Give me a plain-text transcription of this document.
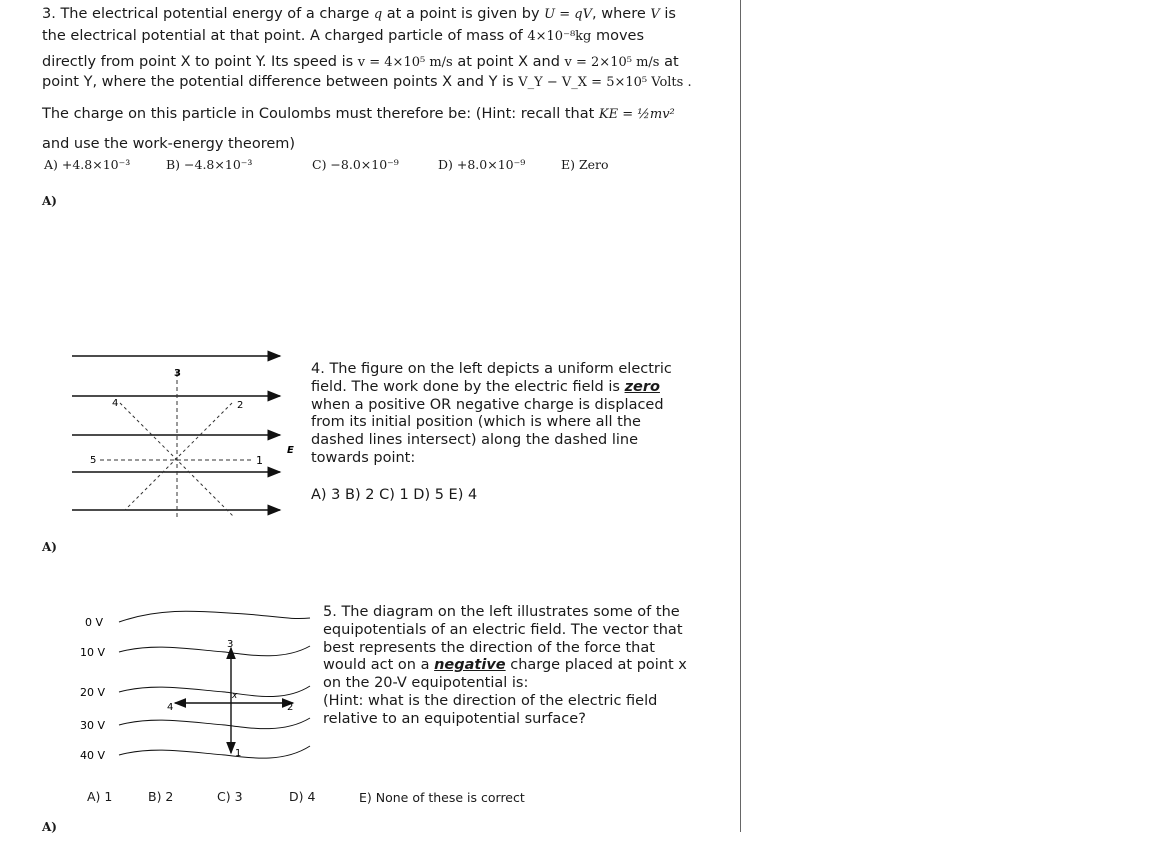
3. The electrical potential energy of a charge q at a point is given by U = qV, where V is
the electrical potential at that point. A charged particle of mass of 4×10⁻⁸kg moves
directly from point X to point Y. Its speed is v = 4×10⁵ m/s at point X and v = 2×10⁵ m/s at
point Y, where the potential difference between points X and Y is V_Y − V_X = 5×10⁵ Volts .
The charge on this particle in Coulombs must therefore be: (Hint: recall that KE = ½mv²
and use the work-energy theorem)
A) +4.8×10⁻³	B) −4.8×10⁻³	C) −8.0×10⁻⁹	D) +8.0×10⁻⁹	E) Zero
A)
1
2
3
4
5
E
4. The figure on the left depicts a uniform electric
field. The work done by the electric field is zero
when a positive OR negative charge is displaced
from its initial position (which is where all the
dashed lines intersect) along the dashed line
towards point:
A) 3 B) 2 C) 1 D) 5 E) 4
A)
0 V
10 V
20 V
30 V
40 V
3
1
2
4
x
5. The diagram on the left illustrates some of the
equipotentials of an electric field. The vector that
best represents the direction of the force that
would act on a negative charge placed at point x
on the 20-V equipotential is:
(Hint: what is the direction of the electric field
relative to an equipotential surface?
A) 1	B) 2	C) 3	D) 4	E) None of these is correct
A)
